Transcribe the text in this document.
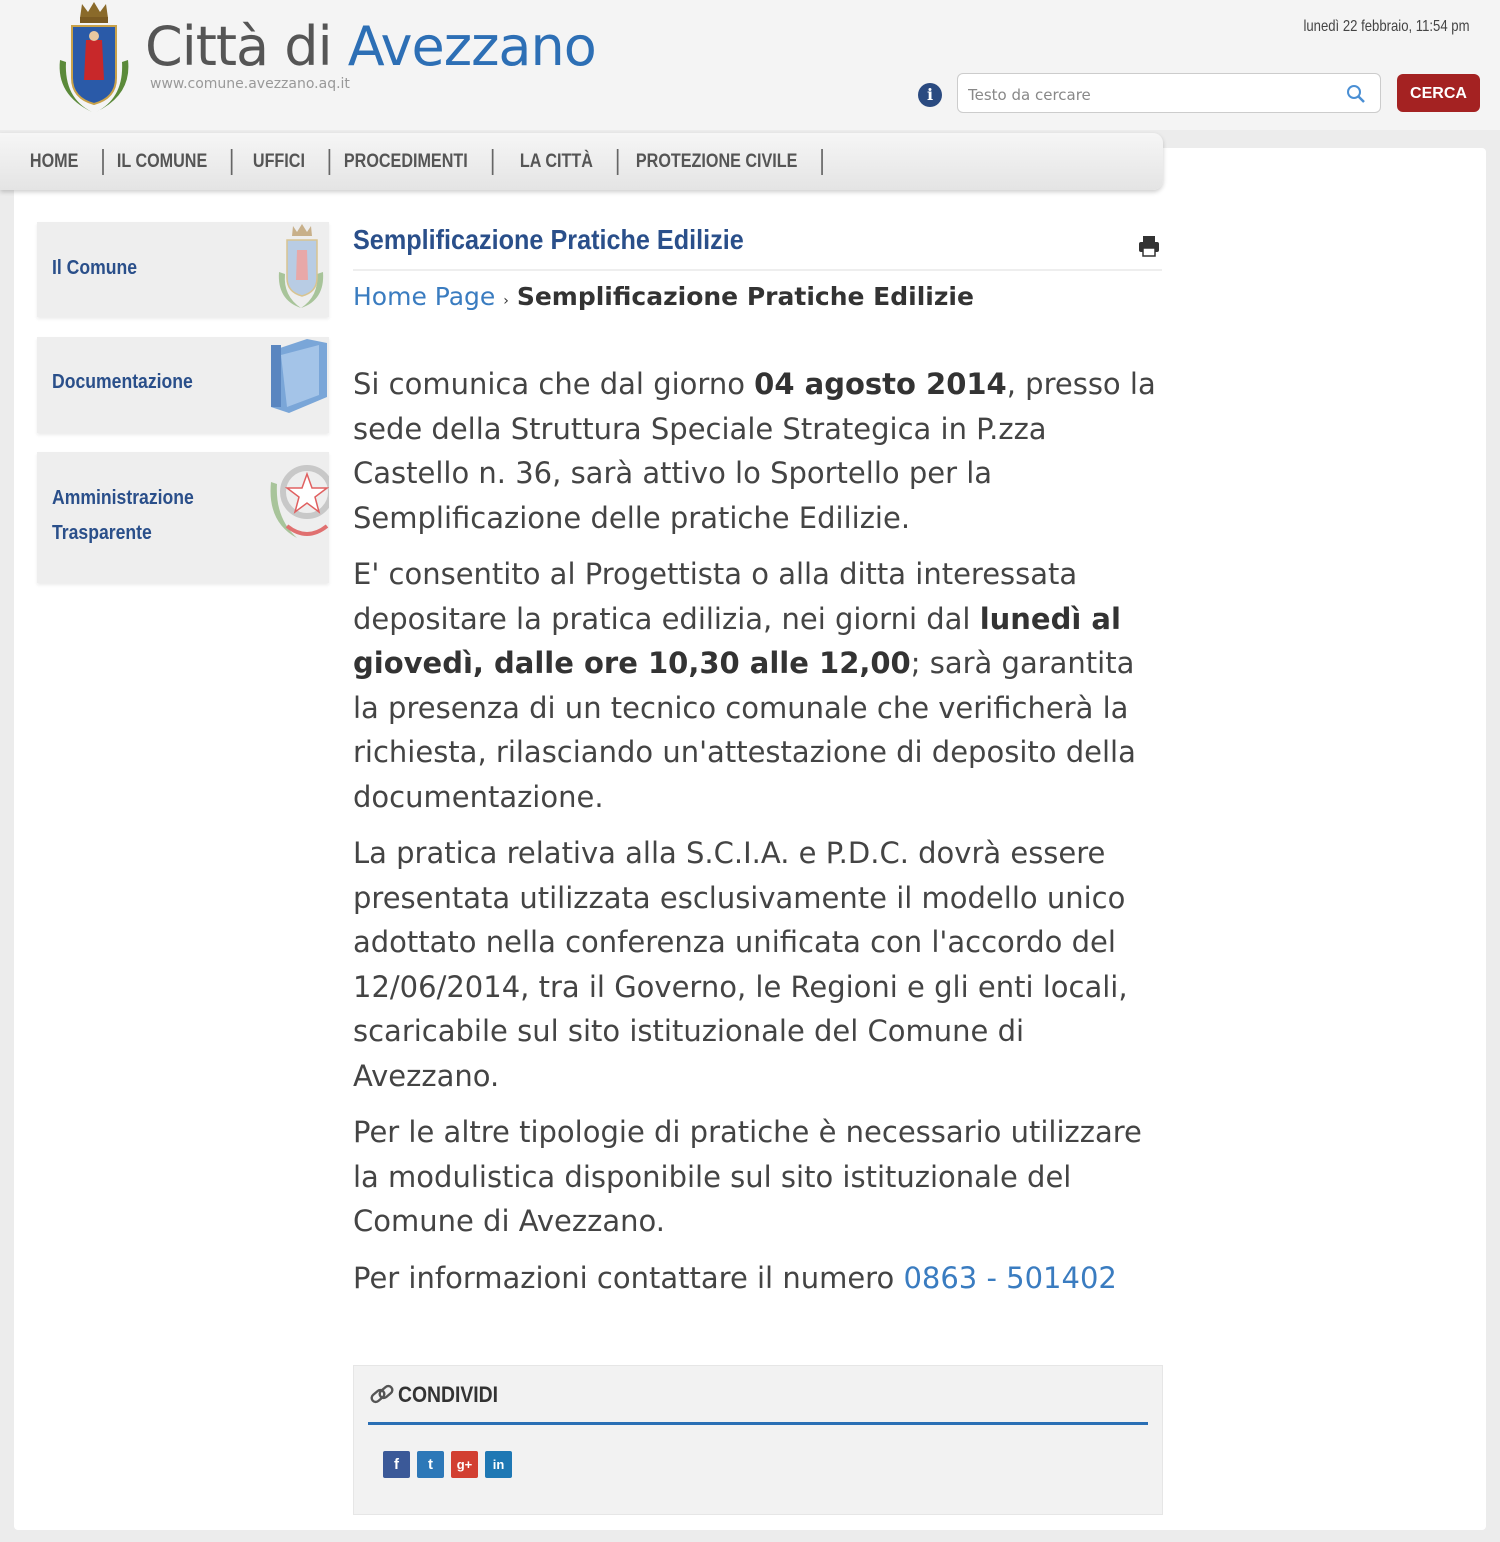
Città di Avezzano
www.comune.avezzano.aq.it
lunedì 22 febbraio, 11:54 pm
i
Testo da cercare	CERCA
HOME	IL COMUNE	UFFICI	PROCEDIMENTI	LA CITTÀ	PROTEZIONE CIVILE
Il Comune
Documentazione
Amministrazione
Trasparente
Semplificazione Pratiche Edilizie
Home Page › Semplificazione Pratiche Edilizie

Si comunica che dal giorno 04 agosto 2014, presso la sede della Struttura Speciale Strategica in P.zza Castello n. 36, sarà attivo lo Sportello per la Semplificazione delle pratiche Edilizie.

E' consentito al Progettista o alla ditta interessata depositare la pratica edilizia, nei giorni dal lunedì al giovedì, dalle ore 10,30 alle 12,00; sarà garantita la presenza di un tecnico comunale che verificherà la richiesta, rilasciando un'attestazione di deposito della documentazione.

La pratica relativa alla S.C.I.A. e P.D.C. dovrà essere presentata utilizzata esclusivamente il modello unico adottato nella conferenza unificata con l'accordo del 12/06/2014, tra il Governo, le Regioni e gli enti locali, scaricabile sul sito istituzionale del Comune di Avezzano.

Per le altre tipologie di pratiche è necessario utilizzare la modulistica disponibile sul sito istituzionale del Comune di Avezzano.

Per informazioni contattare il numero 0863 - 501402

CONDIVIDI
f	t	g+	in
